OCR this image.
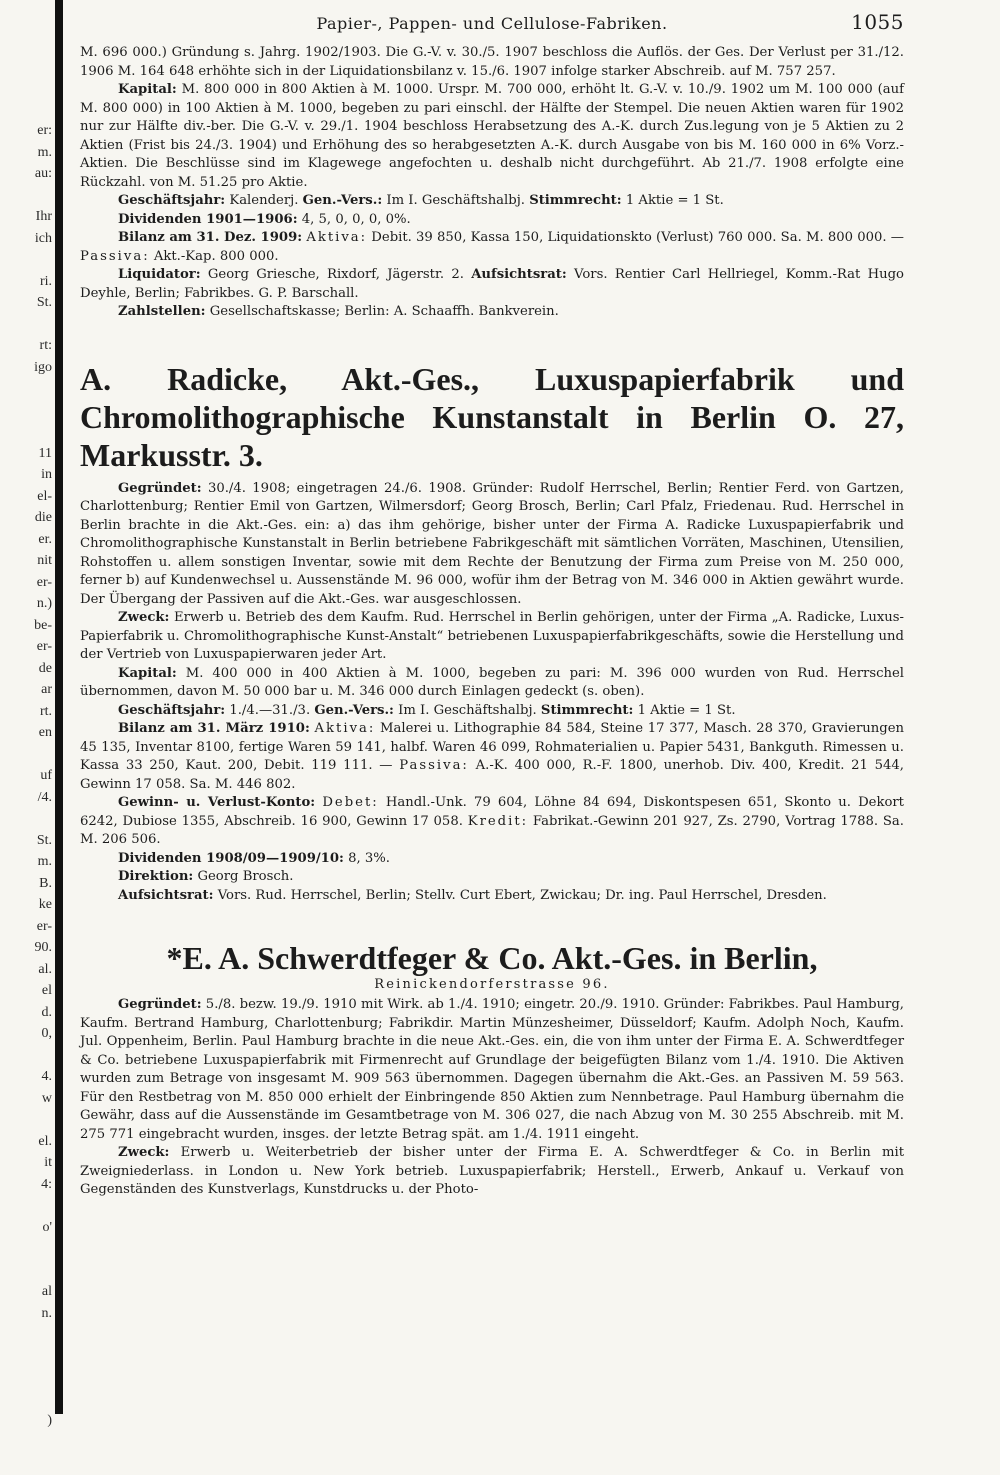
er:
m.
au:
Ihr
ich
ri.
St.
rt:
igo
11
in
el-
die
er.
nit
er-
n.)
be-
er-
de
ar
rt.
en
uf
/4.
St.
m.
B.
ke
er-
90.
al.
el
d.
0,
4.
w
el.
it
4:
o'
al
n.
)
Papier-, Pappen- und Cellulose-Fabriken.	1055

M. 696 000.) Gründung s. Jahrg. 1902/1903. Die G.-V. v. 30./5. 1907 beschloss die Auflös. der Ges. Der Verlust per 31./12. 1906 M. 164 648 erhöhte sich in der Liquidationsbilanz v. 15./6. 1907 infolge starker Abschreib. auf M. 757 257.

Kapital: M. 800 000 in 800 Aktien à M. 1000. Urspr. M. 700 000, erhöht lt. G.-V. v. 10./9. 1902 um M. 100 000 (auf M. 800 000) in 100 Aktien à M. 1000, begeben zu pari einschl. der Hälfte der Stempel. Die neuen Aktien waren für 1902 nur zur Hälfte div.-ber. Die G.-V. v. 29./1. 1904 beschloss Herabsetzung des A.-K. durch Zus.legung von je 5 Aktien zu 2 Aktien (Frist bis 24./3. 1904) und Erhöhung des so herabgesetzten A.-K. durch Ausgabe von bis M. 160 000 in 6% Vorz.-Aktien. Die Beschlüsse sind im Klagewege angefochten u. deshalb nicht durchgeführt. Ab 21./7. 1908 erfolgte eine Rückzahl. von M. 51.25 pro Aktie.

Geschäftsjahr: Kalenderj. Gen.-Vers.: Im I. Geschäftshalbj. Stimmrecht: 1 Aktie = 1 St.

Dividenden 1901—1906: 4, 5, 0, 0, 0, 0%.

Bilanz am 31. Dez. 1909: Aktiva: Debit. 39 850, Kassa 150, Liquidationskto (Verlust) 760 000. Sa. M. 800 000. — Passiva: Akt.-Kap. 800 000.

Liquidator: Georg Griesche, Rixdorf, Jägerstr. 2. Aufsichtsrat: Vors. Rentier Carl Hellriegel, Komm.-Rat Hugo Deyhle, Berlin; Fabrikbes. G. P. Barschall.

Zahlstellen: Gesellschaftskasse; Berlin: A. Schaaffh. Bankverein.

A. Radicke, Akt.-Ges., Luxuspapierfabrik und Chromolithographische Kunstanstalt in Berlin O. 27, Markusstr. 3.

Gegründet: 30./4. 1908; eingetragen 24./6. 1908. Gründer: Rudolf Herrschel, Berlin; Rentier Ferd. von Gartzen, Charlottenburg; Rentier Emil von Gartzen, Wilmersdorf; Georg Brosch, Berlin; Carl Pfalz, Friedenau. Rud. Herrschel in Berlin brachte in die Akt.-Ges. ein: a) das ihm gehörige, bisher unter der Firma A. Radicke Luxuspapierfabrik und Chromolithographische Kunstanstalt in Berlin betriebene Fabrikgeschäft mit sämtlichen Vorräten, Maschinen, Utensilien, Rohstoffen u. allem sonstigen Inventar, sowie mit dem Rechte der Benutzung der Firma zum Preise von M. 250 000, ferner b) auf Kundenwechsel u. Aussenstände M. 96 000, wofür ihm der Betrag von M. 346 000 in Aktien gewährt wurde. Der Übergang der Passiven auf die Akt.-Ges. war ausgeschlossen.

Zweck: Erwerb u. Betrieb des dem Kaufm. Rud. Herrschel in Berlin gehörigen, unter der Firma „A. Radicke, Luxus-Papierfabrik u. Chromolithographische Kunst-Anstalt“ betriebenen Luxuspapierfabrikgeschäfts, sowie die Herstellung und der Vertrieb von Luxuspapierwaren jeder Art.

Kapital: M. 400 000 in 400 Aktien à M. 1000, begeben zu pari: M. 396 000 wurden von Rud. Herrschel übernommen, davon M. 50 000 bar u. M. 346 000 durch Einlagen gedeckt (s. oben).

Geschäftsjahr: 1./4.—31./3. Gen.-Vers.: Im I. Geschäftshalbj. Stimmrecht: 1 Aktie = 1 St.

Bilanz am 31. März 1910: Aktiva: Malerei u. Lithographie 84 584, Steine 17 377, Masch. 28 370, Gravierungen 45 135, Inventar 8100, fertige Waren 59 141, halbf. Waren 46 099, Rohmaterialien u. Papier 5431, Bankguth. Rimessen u. Kassa 33 250, Kaut. 200, Debit. 119 111. — Passiva: A.-K. 400 000, R.-F. 1800, unerhob. Div. 400, Kredit. 21 544, Gewinn 17 058. Sa. M. 446 802.

Gewinn- u. Verlust-Konto: Debet: Handl.-Unk. 79 604, Löhne 84 694, Diskontspesen 651, Skonto u. Dekort 6242, Dubiose 1355, Abschreib. 16 900, Gewinn 17 058. Kredit: Fabrikat.-Gewinn 201 927, Zs. 2790, Vortrag 1788. Sa. M. 206 506.

Dividenden 1908/09—1909/10: 8, 3%.

Direktion: Georg Brosch.

Aufsichtsrat: Vors. Rud. Herrschel, Berlin; Stellv. Curt Ebert, Zwickau; Dr. ing. Paul Herrschel, Dresden.

*E. A. Schwerdtfeger & Co. Akt.-Ges. in Berlin,
Reinickendorferstrasse 96.

Gegründet: 5./8. bezw. 19./9. 1910 mit Wirk. ab 1./4. 1910; eingetr. 20./9. 1910. Gründer: Fabrikbes. Paul Hamburg, Kaufm. Bertrand Hamburg, Charlottenburg; Fabrikdir. Martin Münzesheimer, Düsseldorf; Kaufm. Adolph Noch, Kaufm. Jul. Oppenheim, Berlin. Paul Hamburg brachte in die neue Akt.-Ges. ein, die von ihm unter der Firma E. A. Schwerdtfeger & Co. betriebene Luxuspapierfabrik mit Firmenrecht auf Grundlage der beigefügten Bilanz vom 1./4. 1910. Die Aktiven wurden zum Betrage von insgesamt M. 909 563 übernommen. Dagegen übernahm die Akt.-Ges. an Passiven M. 59 563. Für den Restbetrag von M. 850 000 erhielt der Einbringende 850 Aktien zum Nennbetrage. Paul Hamburg übernahm die Gewähr, dass auf die Aussenstände im Gesamtbetrage von M. 306 027, die nach Abzug von M. 30 255 Abschreib. mit M. 275 771 eingebracht wurden, insges. der letzte Betrag spät. am 1./4. 1911 eingeht.

Zweck: Erwerb u. Weiterbetrieb der bisher unter der Firma E. A. Schwerdtfeger & Co. in Berlin mit Zweigniederlass. in London u. New York betrieb. Luxuspapierfabrik; Herstell., Erwerb, Ankauf u. Verkauf von Gegenständen des Kunstverlags, Kunstdrucks u. der Photo-
